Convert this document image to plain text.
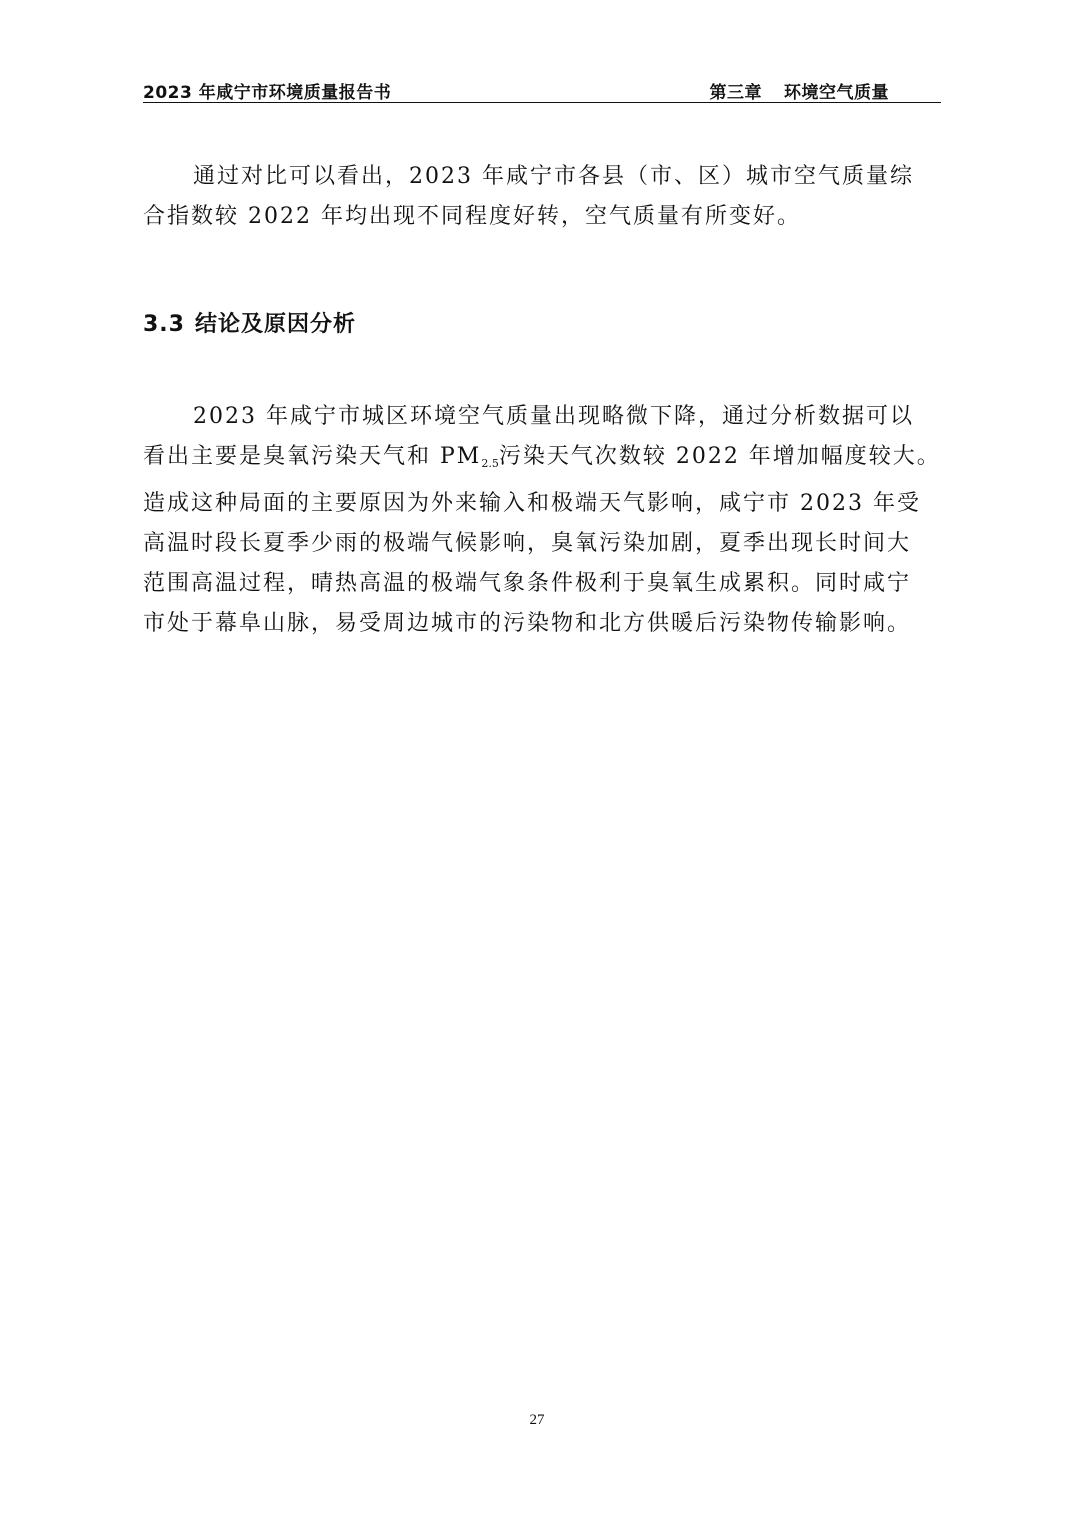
2023 年咸宁市环境质量报告书	第三章 环境空气质量
通过对比可以看出，2023 年咸宁市各县（市、区）城市空气质量综
合指数较 2022 年均出现不同程度好转，空气质量有所变好。
3.3 结论及原因分析
2023 年咸宁市城区环境空气质量出现略微下降，通过分析数据可以
看出主要是臭氧污染天气和 $PM_{2.5}$污染天气次数较 2022 年增加幅度较大。
造成这种局面的主要原因为外来输入和极端天气影响，咸宁市 2023 年受
高温时段长夏季少雨的极端气候影响，臭氧污染加剧，夏季出现长时间大
范围高温过程，晴热高温的极端气象条件极利于臭氧生成累积。同时咸宁
市处于幕阜山脉，易受周边城市的污染物和北方供暖后污染物传输影响。
27
